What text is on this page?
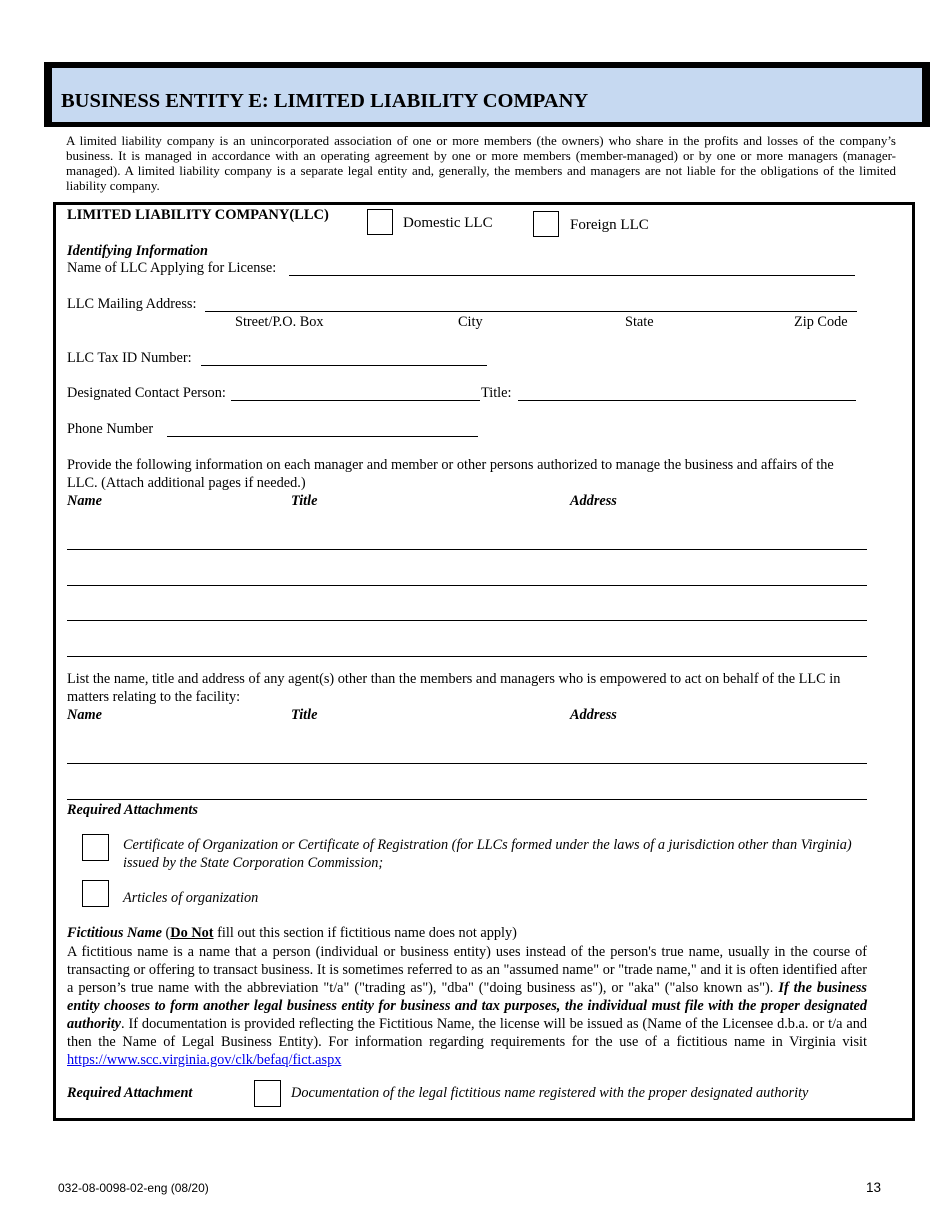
BUSINESS ENTITY E: LIMITED LIABILITY COMPANY
A limited liability company is an unincorporated association of one or more members (the owners) who share in the profits and losses of the company’s business. It is managed in accordance with an operating agreement by one or more members (member-managed) or by one or more managers (manager-managed). A limited liability company is a separate legal entity and, generally, the members and managers are not liable for the obligations of the limited liability company.
LIMITED LIABILITY COMPANY(LLC)	Domestic LLC	Foreign LLC
Identifying Information
Name of LLC Applying for License:
LLC Mailing Address:
Street/P.O. Box	City	State	Zip Code
LLC Tax ID Number:
Designated Contact Person:	Title:
Phone Number
Provide the following information on each manager and member or other persons authorized to manage the business and affairs of the LLC. (Attach additional pages if needed.)
Name	Title	Address
List the name, title and address of any agent(s) other than the members and managers who is empowered to act on behalf of the LLC in matters relating to the facility:
Name	Title	Address
Required Attachments
Certificate of Organization or Certificate of Registration (for LLCs formed under the laws of a jurisdiction other than Virginia) issued by the State Corporation Commission;
Articles of organization
Fictitious Name (Do Not fill out this section if fictitious name does not apply)
A fictitious name is a name that a person (individual or business entity) uses instead of the person's true name, usually in the course of transacting or offering to transact business. It is sometimes referred to as an "assumed name" or "trade name," and it is often identified after a person’s true name with the abbreviation "t/a" ("trading as"), "dba" ("doing business as"), or "aka" ("also known as"). If the business entity chooses to form another legal business entity for business and tax purposes, the individual must file with the proper designated authority. If documentation is provided reflecting the Fictitious Name, the license will be issued as (Name of the Licensee d.b.a. or t/a and then the Name of Legal Business Entity). For information regarding requirements for the use of a fictitious name in Virginia visit https://www.scc.virginia.gov/clk/befaq/fict.aspx
Required Attachment	Documentation of the legal fictitious name registered with the proper designated authority
032-08-0098-02-eng (08/20)	13
